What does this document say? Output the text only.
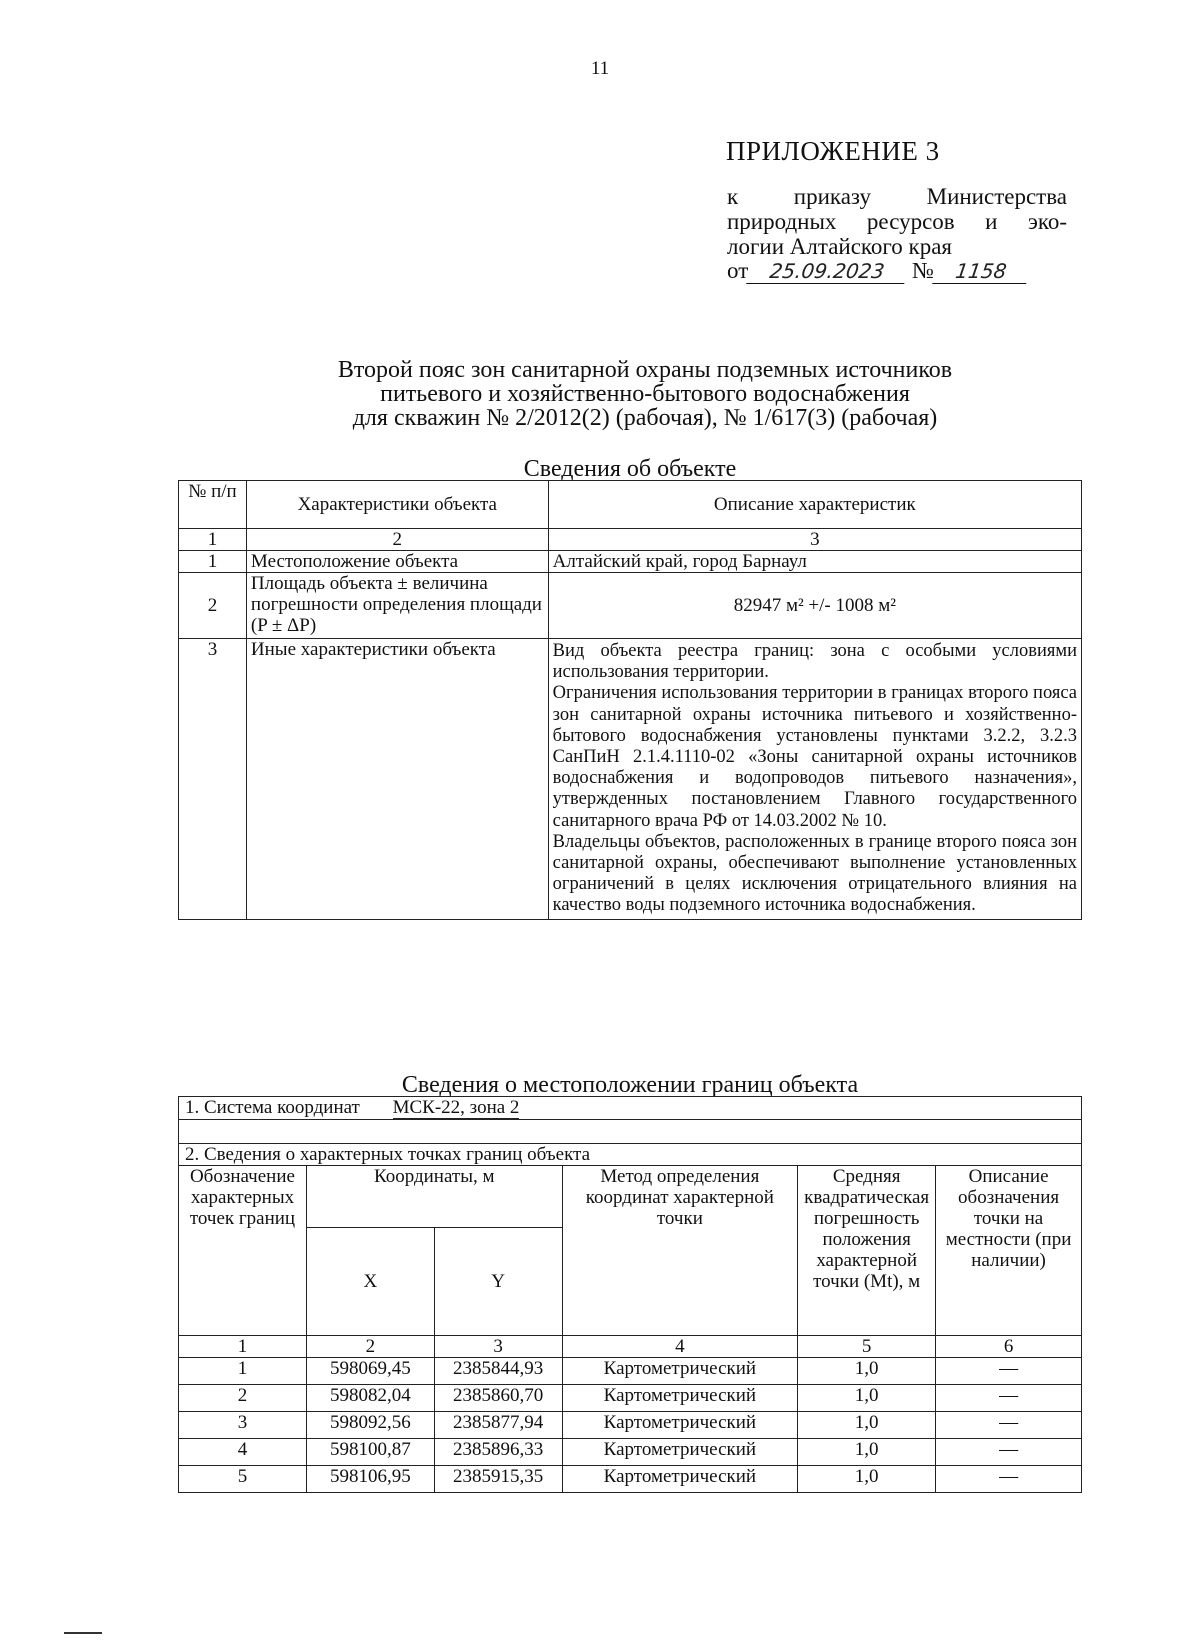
11
ПРИЛОЖЕНИЕ 3
к приказу Министерства
природных ресурсов и эко-
логии Алтайского края
от 25.09.2023 № 1158
Второй пояс зон санитарной охраны подземных источников
питьевого и хозяйственно-бытового водоснабжения
для скважин № 2/2012(2) (рабочая), № 1/617(3) (рабочая)
Сведения об объекте
№ п/п	Характеристики объекта	Описание характеристик
1	2	3
1	Местоположение объекта	Алтайский край, город Барнаул
2	Площадь объекта ± величина погрешности определения площади (P ± ΔP)	82947 м² +/- 1008 м²
3	Иные характеристики объекта	Вид объекта реестра границ: зона с особыми условиями использования территории.
Ограничения использования территории в границах второго пояса зон санитарной охраны источника питьевого и хозяйственно-бытового водоснабжения установлены пунктами 3.2.2, 3.2.3 СанПиН 2.1.4.1110-02 «Зоны санитарной охраны источников водоснабжения и водопроводов питьевого назначения», утвержденных постановлением Главного государственного санитарного врача РФ от 14.03.2002 № 10.
Владельцы объектов, расположенных в границе второго пояса зон санитарной охраны, обеспечивают выполнение установленных ограничений в целях исключения отрицательного влияния на качество воды подземного источника водоснабжения.
Сведения о местоположении границ объекта
1. Система координат МСК-22, зона 2					

2. Сведения о характерных точках границ объекта					
Обозначение характерных точек границ	Координаты, м		Метод определения координат характерной точки	Средняя квадратическая погрешность положения характерной точки (Mt), м	Описание обозначения точки на местности (при наличии)
	X	Y			
1	2	3	4	5	6
1	598069,45	2385844,93	Картометрический	1,0	—
2	598082,04	2385860,70	Картометрический	1,0	—
3	598092,56	2385877,94	Картометрический	1,0	—
4	598100,87	2385896,33	Картометрический	1,0	—
5	598106,95	2385915,35	Картометрический	1,0	—
